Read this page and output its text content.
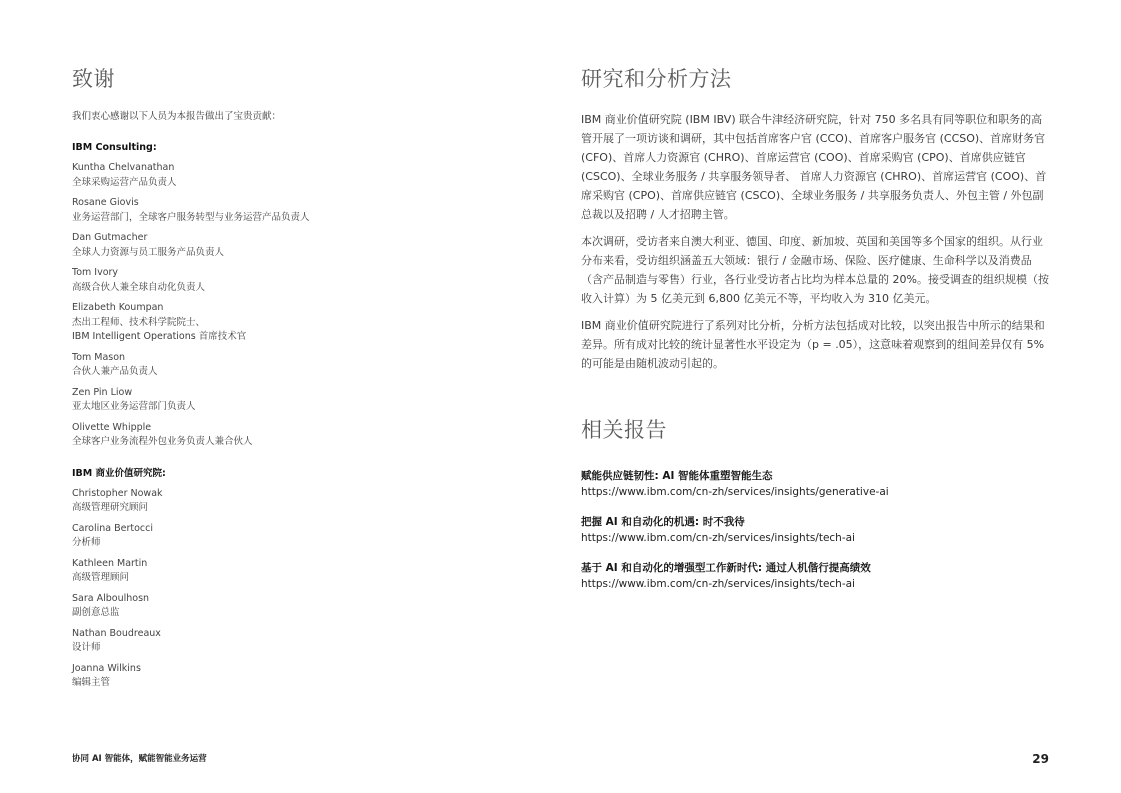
致谢
我们衷心感谢以下人员为本报告做出了宝贵贡献：
IBM Consulting:
Kuntha Chelvanathan
全球采购运营产品负责人
Rosane Giovis
业务运营部门，全球客户服务转型与业务运营产品负责人
Dan Gutmacher
全球人力资源与员工服务产品负责人
Tom Ivory
高级合伙人兼全球自动化负责人
Elizabeth Koumpan
杰出工程师、技术科学院院士、
IBM Intelligent Operations 首席技术官
Tom Mason
合伙人兼产品负责人
Zen Pin Liow
亚太地区业务运营部门负责人
Olivette Whipple
全球客户业务流程外包业务负责人兼合伙人
IBM 商业价值研究院:
Christopher Nowak
高级管理研究顾问
Carolina Bertocci
分析师
Kathleen Martin
高级管理顾问
Sara Alboulhosn
副创意总监
Nathan Boudreaux
设计师
Joanna Wilkins
编辑主管
研究和分析方法

IBM 商业价值研究院 (IBM IBV) 联合牛津经济研究院，针对 750 多名具有同等职位和职务的高管开展了一项访谈和调研，其中包括首席客户官 (CCO)、首席客户服务官 (CCSO)、首席财务官 (CFO)、首席人力资源官 (CHRO)、首席运营官 (COO)、首席采购官 (CPO)、首席供应链官 (CSCO)、全球业务服务 / 共享服务领导者、 首席人力资源官 (CHRO)、首席运营官 (COO)、首席采购官 (CPO)、首席供应链官 (CSCO)、全球业务服务 / 共享服务负责人、外包主管 / 外包副总裁以及招聘 / 人才招聘主管。

本次调研，受访者来自澳大利亚、德国、印度、新加坡、英国和美国等多个国家的组织。从行业分布来看，受访组织涵盖五大领域：银行 / 金融市场、保险、医疗健康、生命科学以及消费品（含产品制造与零售）行业，各行业受访者占比均为样本总量的 20%。接受调查的组织规模（按收入计算）为 5 亿美元到 6,800 亿美元不等，平均收入为 310 亿美元。

IBM 商业价值研究院进行了系列对比分析，分析方法包括成对比较，以突出报告中所示的结果和差异。所有成对比较的统计显著性水平设定为（p = .05），这意味着观察到的组间差异仅有 5% 的可能是由随机波动引起的。

相关报告
赋能供应链韧性: AI 智能体重塑智能生态
https://www.ibm.com/cn-zh/services/insights/generative-ai
把握 AI 和自动化的机遇: 时不我待
https://www.ibm.com/cn-zh/services/insights/tech-ai
基于 AI 和自动化的增强型工作新时代: 通过人机偕行提高绩效
https://www.ibm.com/cn-zh/services/insights/tech-ai
协同 AI 智能体，赋能智能业务运营	29
